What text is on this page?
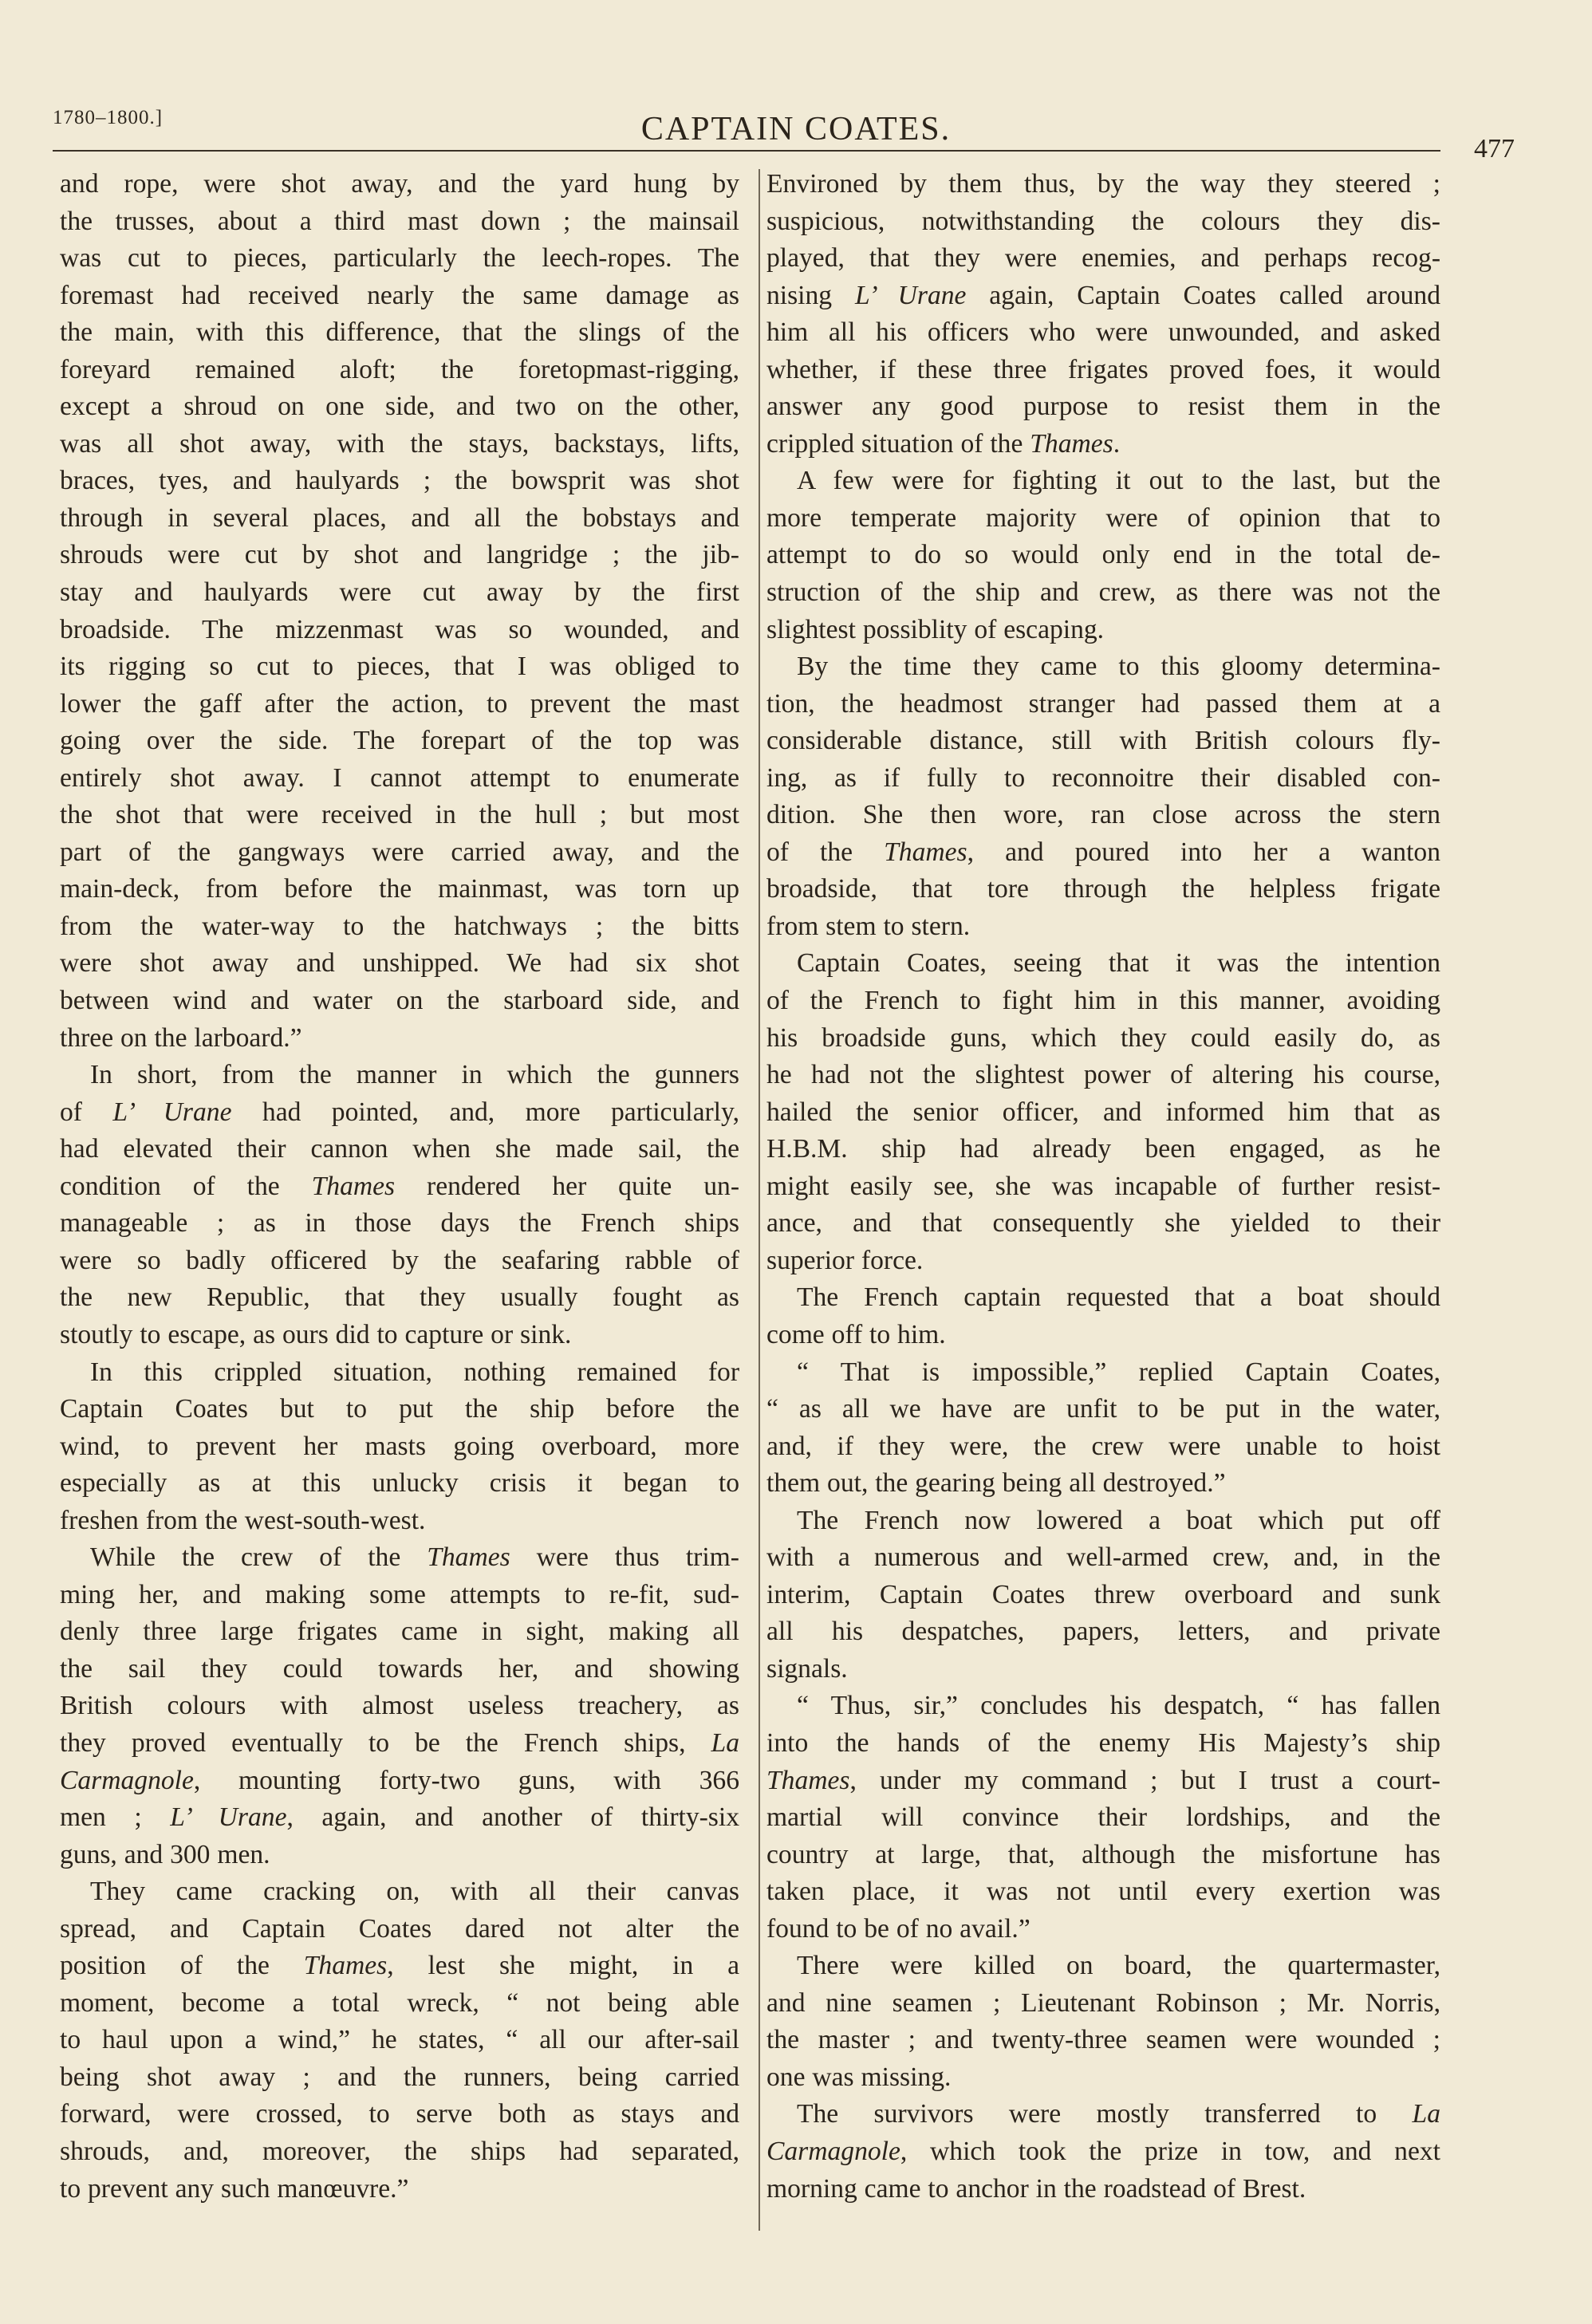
1780–1800.]	CAPTAIN COATES.
477

and rope, were shot away, and the yard hung by

the trusses, about a third mast down ; the mainsail

was cut to pieces, particularly the leech-ropes. The

foremast had received nearly the same damage as

the main, with this difference, that the slings of the

foreyard remained aloft; the foretopmast-rigging,

except a shroud on one side, and two on the other,

was all shot away, with the stays, backstays, lifts,

braces, tyes, and haulyards ; the bowsprit was shot

through in several places, and all the bobstays and

shrouds were cut by shot and langridge ; the jib-

stay and haulyards were cut away by the first

broadside. The mizzenmast was so wounded, and

its rigging so cut to pieces, that I was obliged to

lower the gaff after the action, to prevent the mast

going over the side. The forepart of the top was

entirely shot away. I cannot attempt to enumerate

the shot that were received in the hull ; but most

part of the gangways were carried away, and the

main-deck, from before the mainmast, was torn up

from the water-way to the hatchways ; the bitts

were shot away and unshipped. We had six shot

between wind and water on the starboard side, and

three on the larboard.”

In short, from the manner in which the gunners

of L’ Urane had pointed, and, more particularly,

had elevated their cannon when she made sail, the

condition of the Thames rendered her quite un-

manageable ; as in those days the French ships

were so badly officered by the seafaring rabble of

the new Republic, that they usually fought as

stoutly to escape, as ours did to capture or sink.

In this crippled situation, nothing remained for

Captain Coates but to put the ship before the

wind, to prevent her masts going overboard, more

especially as at this unlucky crisis it began to

freshen from the west-south-west.

While the crew of the Thames were thus trim-

ming her, and making some attempts to re-fit, sud-

denly three large frigates came in sight, making all

the sail they could towards her, and showing

British colours with almost useless treachery, as

they proved eventually to be the French ships, La

Carmagnole, mounting forty-two guns, with 366

men ; L’ Urane, again, and another of thirty-six

guns, and 300 men.

They came cracking on, with all their canvas

spread, and Captain Coates dared not alter the

position of the Thames, lest she might, in a

moment, become a total wreck, “ not being able

to haul upon a wind,” he states, “ all our after-sail

being shot away ; and the runners, being carried

forward, were crossed, to serve both as stays and

shrouds, and, moreover, the ships had separated,

to prevent any such manœuvre.”

Environed by them thus, by the way they steered ;

suspicious, notwithstanding the colours they dis-

played, that they were enemies, and perhaps recog-

nising L’ Urane again, Captain Coates called around

him all his officers who were unwounded, and asked

whether, if these three frigates proved foes, it would

answer any good purpose to resist them in the

crippled situation of the Thames.

A few were for fighting it out to the last, but the

more temperate majority were of opinion that to

attempt to do so would only end in the total de-

struction of the ship and crew, as there was not the

slightest possiblity of escaping.

By the time they came to this gloomy determina-

tion, the headmost stranger had passed them at a

considerable distance, still with British colours fly-

ing, as if fully to reconnoitre their disabled con-

dition. She then wore, ran close across the stern

of the Thames, and poured into her a wanton

broadside, that tore through the helpless frigate

from stem to stern.

Captain Coates, seeing that it was the intention

of the French to fight him in this manner, avoiding

his broadside guns, which they could easily do, as

he had not the slightest power of altering his course,

hailed the senior officer, and informed him that as

H.B.M. ship had already been engaged, as he

might easily see, she was incapable of further resist-

ance, and that consequently she yielded to their

superior force.

The French captain requested that a boat should

come off to him.

“ That is impossible,” replied Captain Coates,

“ as all we have are unfit to be put in the water,

and, if they were, the crew were unable to hoist

them out, the gearing being all destroyed.”

The French now lowered a boat which put off

with a numerous and well-armed crew, and, in the

interim, Captain Coates threw overboard and sunk

all his despatches, papers, letters, and private

signals.

“ Thus, sir,” concludes his despatch, “ has fallen

into the hands of the enemy His Majesty’s ship

Thames, under my command ; but I trust a court-

martial will convince their lordships, and the

country at large, that, although the misfortune has

taken place, it was not until every exertion was

found to be of no avail.”

There were killed on board, the quartermaster,

and nine seamen ; Lieutenant Robinson ; Mr. Norris,

the master ; and twenty-three seamen were wounded ;

one was missing.

The survivors were mostly transferred to La

Carmagnole, which took the prize in tow, and next

morning came to anchor in the roadstead of Brest.
